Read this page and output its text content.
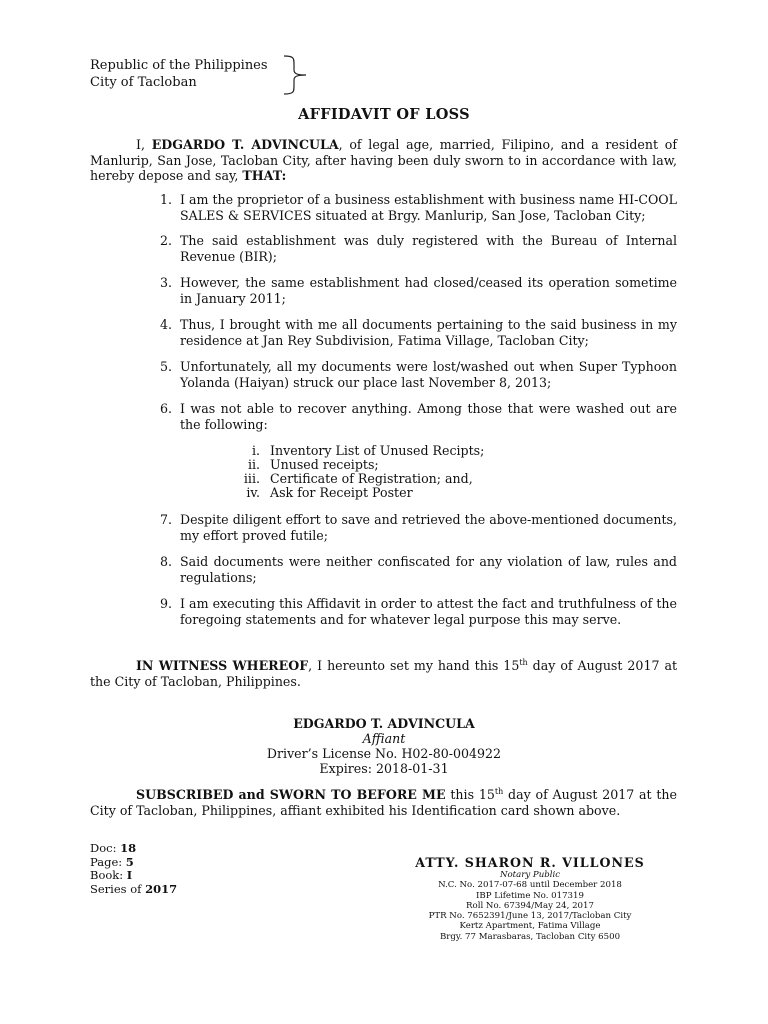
Republic of the Philippines
City of Tacloban
AFFIDAVIT OF LOSS

I, EDGARDO T. ADVINCULA, of legal age, married, Filipino, and a resident of Manlurip, San Jose, Tacloban City, after having been duly sworn to in accordance with law, hereby depose and say, THAT:

1. I am the proprietor of a business establishment with business name HI-COOL SALES & SERVICES situated at Brgy. Manlurip, San Jose, Tacloban City;
2. The said establishment was duly registered with the Bureau of Internal Revenue (BIR);
3. However, the same establishment had closed/ceased its operation sometime in January 2011;
4. Thus, I brought with me all documents pertaining to the said business in my residence at Jan Rey Subdivision, Fatima Village, Tacloban City;
5. Unfortunately, all my documents were lost/washed out when Super Typhoon Yolanda (Haiyan) struck our place last November 8, 2013;
6. I was not able to recover anything. Among those that were washed out are the following:
i. Inventory List of Unused Recipts;
ii. Unused receipts;
iii. Certificate of Registration; and,
iv. Ask for Receipt Poster
7. Despite diligent effort to save and retrieved the above-mentioned documents, my effort proved futile;
8. Said documents were neither confiscated for any violation of law, rules and regulations;
9. I am executing this Affidavit in order to attest the fact and truthfulness of the foregoing statements and for whatever legal purpose this may serve.

IN WITNESS WHEREOF, I hereunto set my hand this 15th day of August 2017 at the City of Tacloban, Philippines.

EDGARDO T. ADVINCULA
Affiant
Driver’s License No. H02-80-004922
Expires: 2018-01-31

SUBSCRIBED and SWORN TO BEFORE ME this 15th day of August 2017 at the City of Tacloban, Philippines, affiant exhibited his Identification card shown above.

Doc: 18
Page: 5
Book: I
Series of 2017
ATTY. SHARON R. VILLONES
Notary Public
N.C. No. 2017-07-68 until December 2018
IBP Lifetime No. 017319
Roll No. 67394/May 24, 2017
PTR No. 7652391/June 13, 2017/Tacloban City
Kertz Apartment, Fatima Village
Brgy. 77 Marasbaras, Tacloban City 6500
